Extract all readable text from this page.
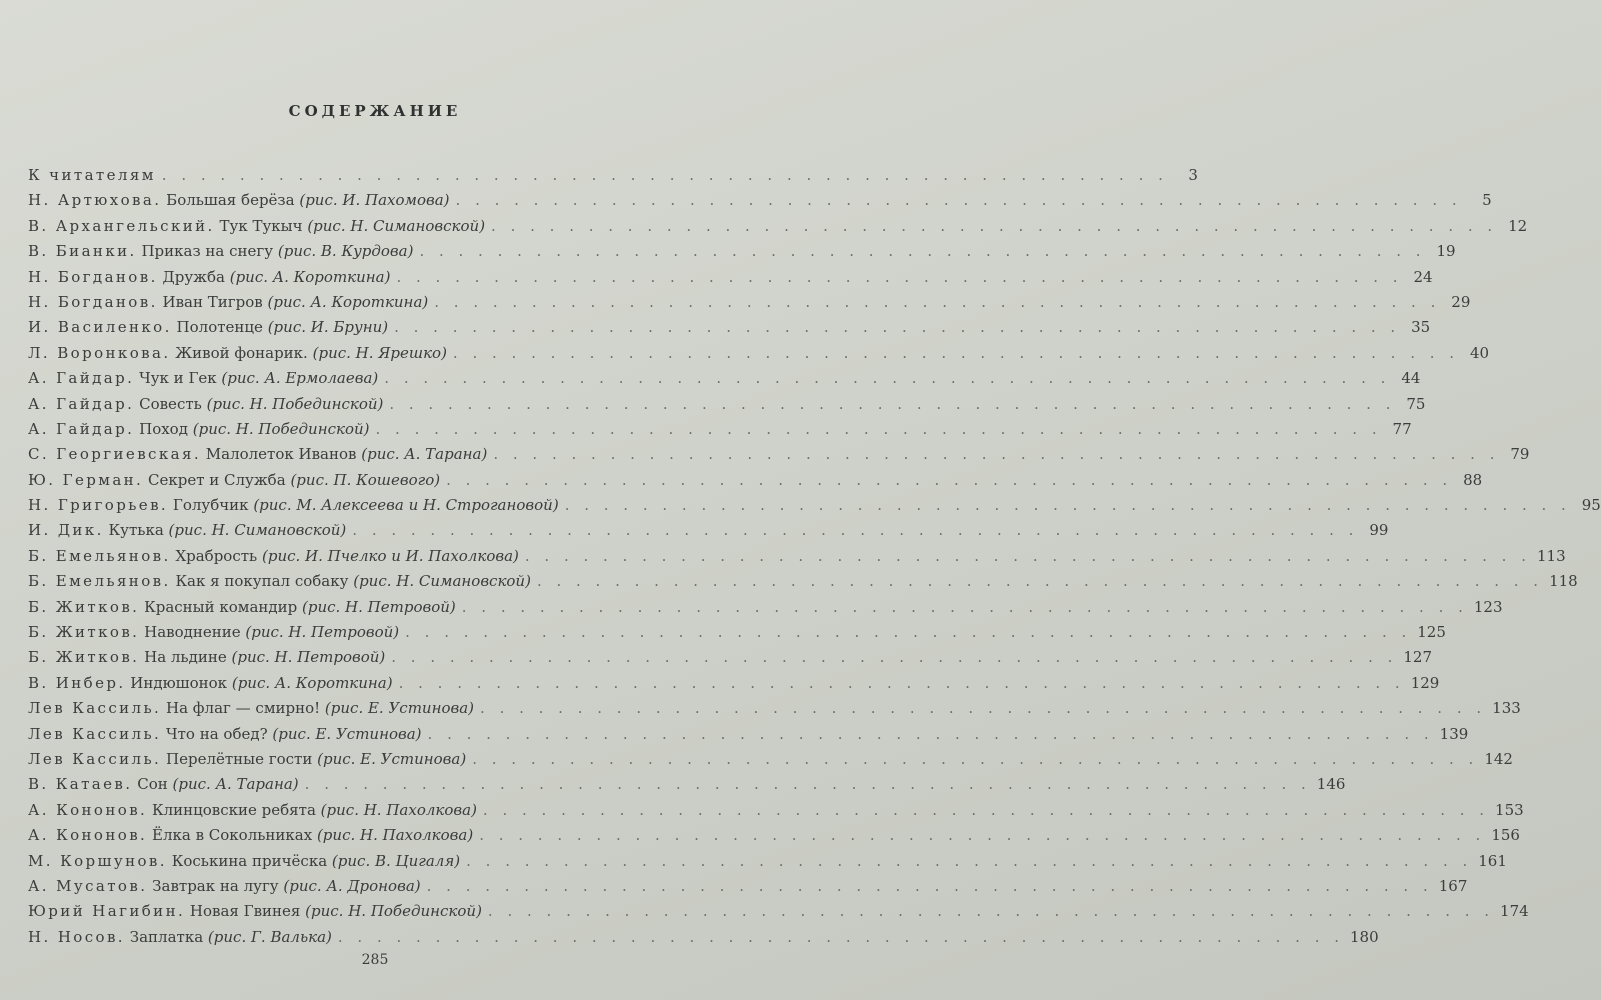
СОДЕРЖАНИЕ
К читателям . . .	3
Н. Артюхова. Большая берёза (рис. И. Пахомова) . . .	5
В. Архангельский. Тук Тукыч (рис. Н. Симановской) . . .	12
В. Бианки. Приказ на снегу (рис. В. Курдова) . . .	19
Н. Богданов. Дружба (рис. А. Короткина) . . .	24
Н. Богданов. Иван Тигров (рис. А. Короткина) . . .	29
И. Василенко. Полотенце (рис. И. Бруни) . . .	35
Л. Воронкова. Живой фонарик. (рис. Н. Ярешко) . . .	40
А. Гайдар. Чук и Гек (рис. А. Ермолаева) . . .	44
А. Гайдар. Совесть (рис. Н. Побединской) . . .	75
А. Гайдар. Поход (рис. Н. Побединской) . . .	77
С. Георгиевская. Малолеток Иванов (рис. А. Тарана) . . .	79
Ю. Герман. Секрет и Служба (рис. П. Кошевого) . . .	88
Н. Григорьев. Голубчик (рис. М. Алексеева и Н. Строгановой) . . .	95
И. Дик. Кутька (рис. Н. Симановской) . . .	99
Б. Емельянов. Храбрость (рис. И. Пчелко и И. Пахолкова) . . .	113
Б. Емельянов. Как я покупал собаку (рис. Н. Симановской) . . .	118
Б. Житков. Красный командир (рис. Н. Петровой) . . .	123
Б. Житков. Наводнение (рис. Н. Петровой) . . .	125
Б. Житков. На льдине (рис. Н. Петровой) . . .	127
В. Инбер. Индюшонок (рис. А. Короткина) . . .	129
Лев Кассиль. На флаг — смирно! (рис. Е. Устинова) . . .	133
Лев Кассиль. Что на обед? (рис. Е. Устинова) . . .	139
Лев Кассиль. Перелётные гости (рис. Е. Устинова) . . .	142
В. Катаев. Сон (рис. А. Тарана) . . .	146
А. Кононов. Клинцовские ребята (рис. Н. Пахолкова) . . .	153
А. Кононов. Ёлка в Сокольниках (рис. Н. Пахолкова) . . .	156
М. Коршунов. Коськина причёска (рис. В. Цигаля) . . .	161
А. Мусатов. Завтрак на лугу (рис. А. Дронова) . . .	167
Юрий Нагибин. Новая Гвинея (рис. Н. Побединской) . . .	174
Н. Носов. Заплатка (рис. Г. Валька) . . .	180
285
